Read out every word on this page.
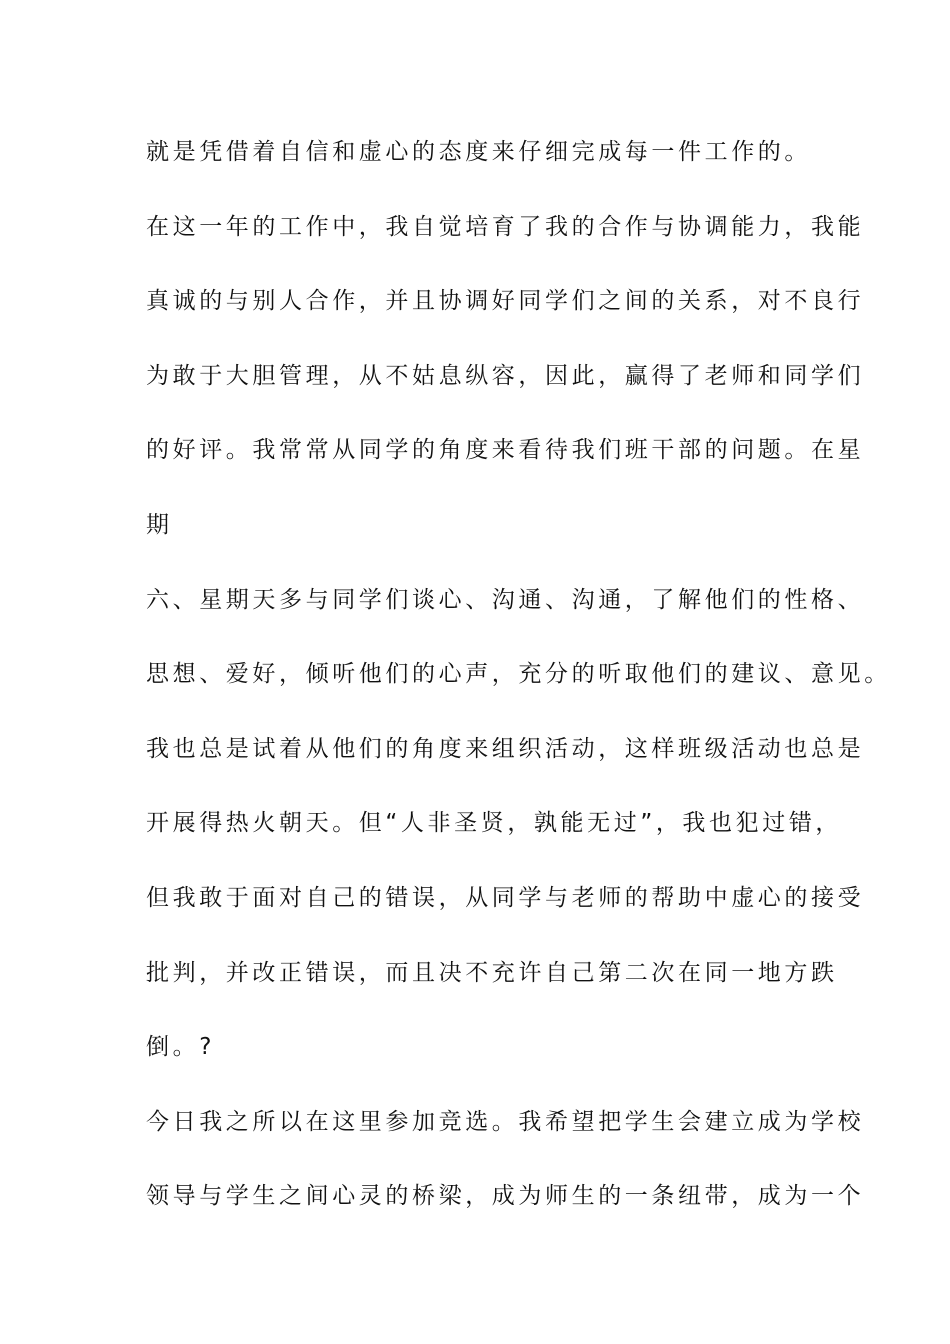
就是凭借着自信和虚心的态度来仔细完成每一件工作的。

在这一年的工作中，我自觉培育了我的合作与协调能力，我能

真诚的与别人合作，并且协调好同学们之间的关系，对不良行

为敢于大胆管理，从不姑息纵容，因此，赢得了老师和同学们

的好评。我常常从同学的角度来看待我们班干部的问题。在星

期

六、星期天多与同学们谈心、沟通、沟通，了解他们的性格、

思想、爱好，倾听他们的心声，充分的听取他们的建议、意见。

我也总是试着从他们的角度来组织活动，这样班级活动也总是

开展得热火朝天。但“人非圣贤，孰能无过”，我也犯过错，

但我敢于面对自己的错误，从同学与老师的帮助中虚心的接受

批判，并改正错误，而且决不充许自己第二次在同一地方跌

倒。?

今日我之所以在这里参加竞选。我希望把学生会建立成为学校

领导与学生之间心灵的桥梁，成为师生的一条纽带，成为一个
